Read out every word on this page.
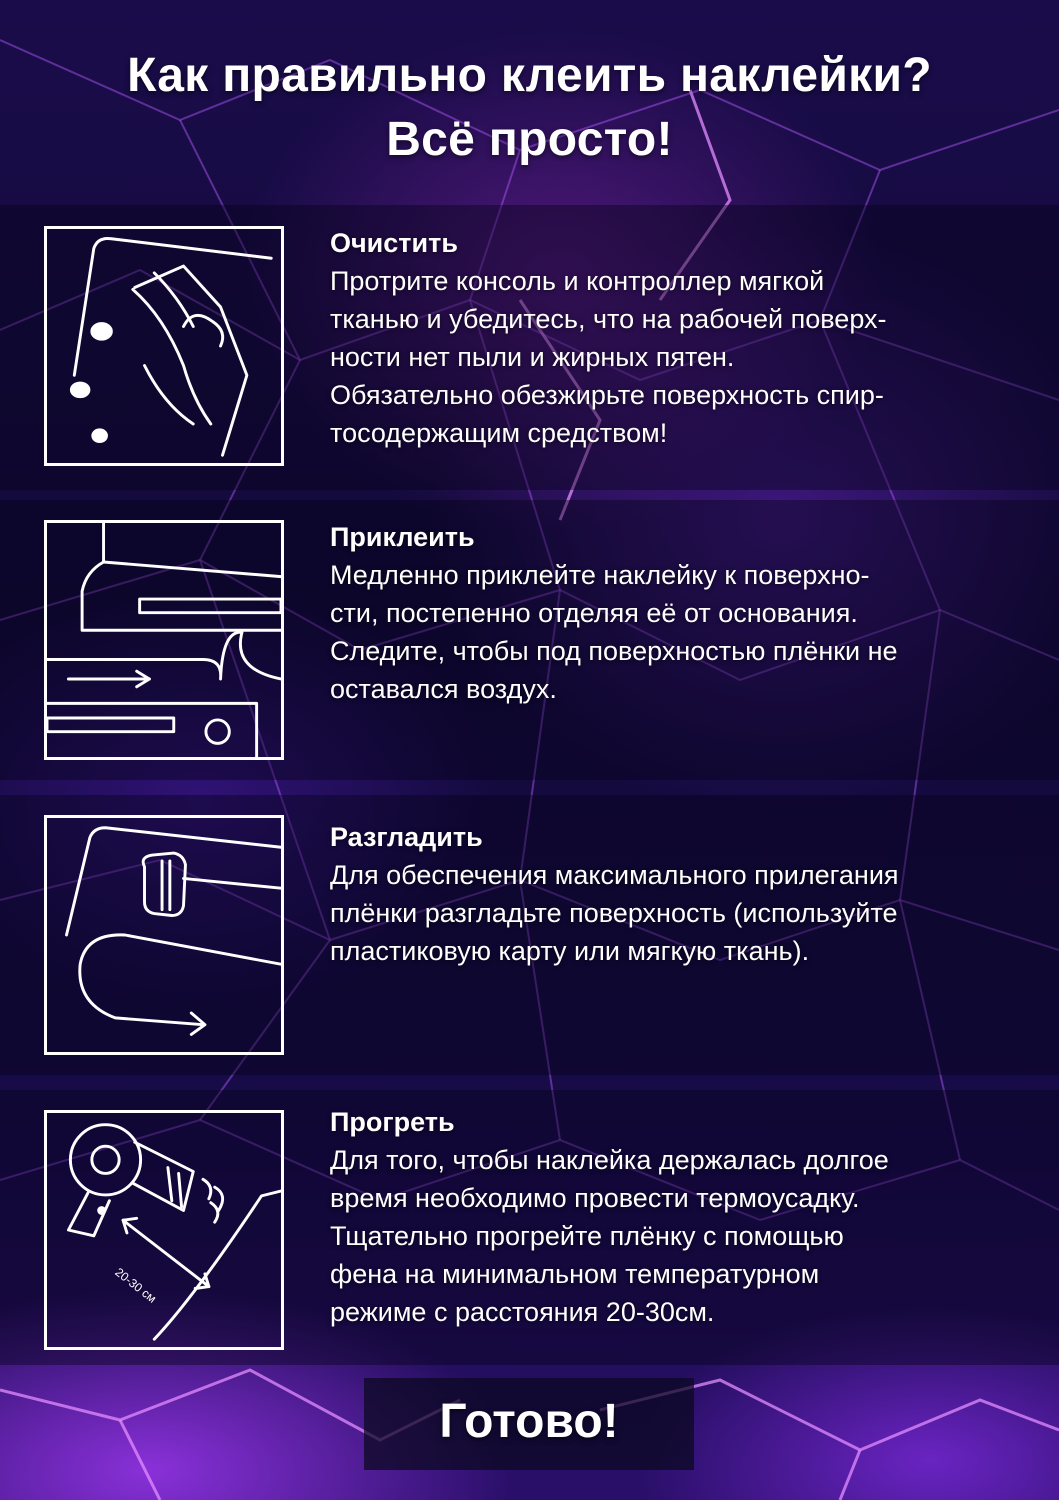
Как правильно клеить наклейки?
Всё просто!
Очистить
Протрите консоль и контроллер мягкой
тканью и убедитесь, что на рабочей поверх-
ности нет пыли и жирных пятен.
Обязательно обезжирьте поверхность спир-
тосодержащим средством!
Приклеить
Медленно приклейте наклейку к поверхно-
сти, постепенно отделяя её от основания.
Следите, чтобы под поверхностью плёнки не
оставался воздух.
Разгладить
Для обеспечения максимального прилегания
плёнки разгладьте поверхность (используйте
пластиковую карту или мягкую ткань).
20-30 см
Прогреть
Для того, чтобы наклейка держалась долгое
время необходимо провести термоусадку.
Тщательно прогрейте плёнку с помощью
фена на минимальном температурном
режиме с расстояния 20-30см.
Готово!
